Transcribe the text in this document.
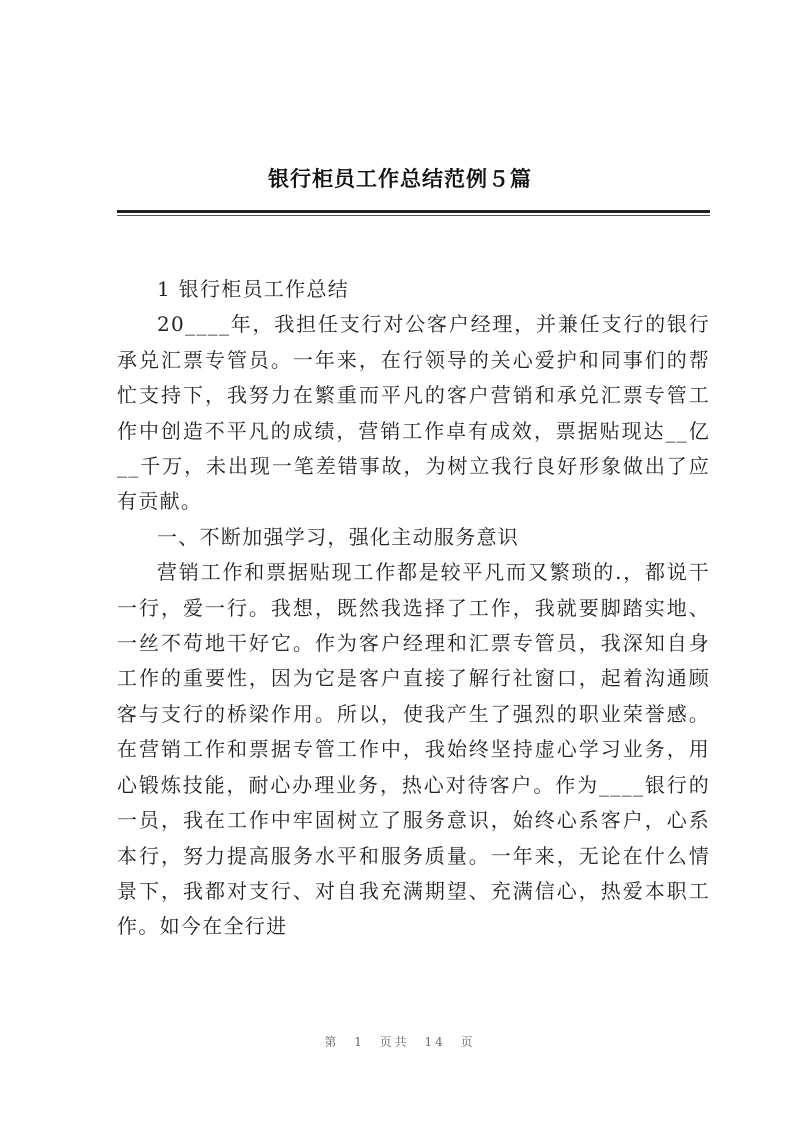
银行柜员工作总结范例５篇

1 银行柜员工作总结

20____年，我担任支行对公客户经理，并兼任支行的银行承兑汇票专管员。一年来，在行领导的关心爱护和同事们的帮忙支持下，我努力在繁重而平凡的客户营销和承兑汇票专管工作中创造不平凡的成绩，营销工作卓有成效，票据贴现达__亿__千万，未出现一笔差错事故，为树立我行良好形象做出了应有贡献。

一、不断加强学习，强化主动服务意识

营销工作和票据贴现工作都是较平凡而又繁琐的.，都说干一行，爱一行。我想，既然我选择了工作，我就要脚踏实地、一丝不苟地干好它。作为客户经理和汇票专管员，我深知自身工作的重要性，因为它是客户直接了解行社窗口，起着沟通顾客与支行的桥梁作用。所以，使我产生了强烈的职业荣誉感。在营销工作和票据专管工作中，我始终坚持虚心学习业务，用心锻炼技能，耐心办理业务，热心对待客户。作为____银行的一员，我在工作中牢固树立了服务意识，始终心系客户，心系本行，努力提高服务水平和服务质量。一年来，无论在什么情景下，我都对支行、对自我充满期望、充满信心，热爱本职工作。如今在全行进

第 1 页共 14 页
